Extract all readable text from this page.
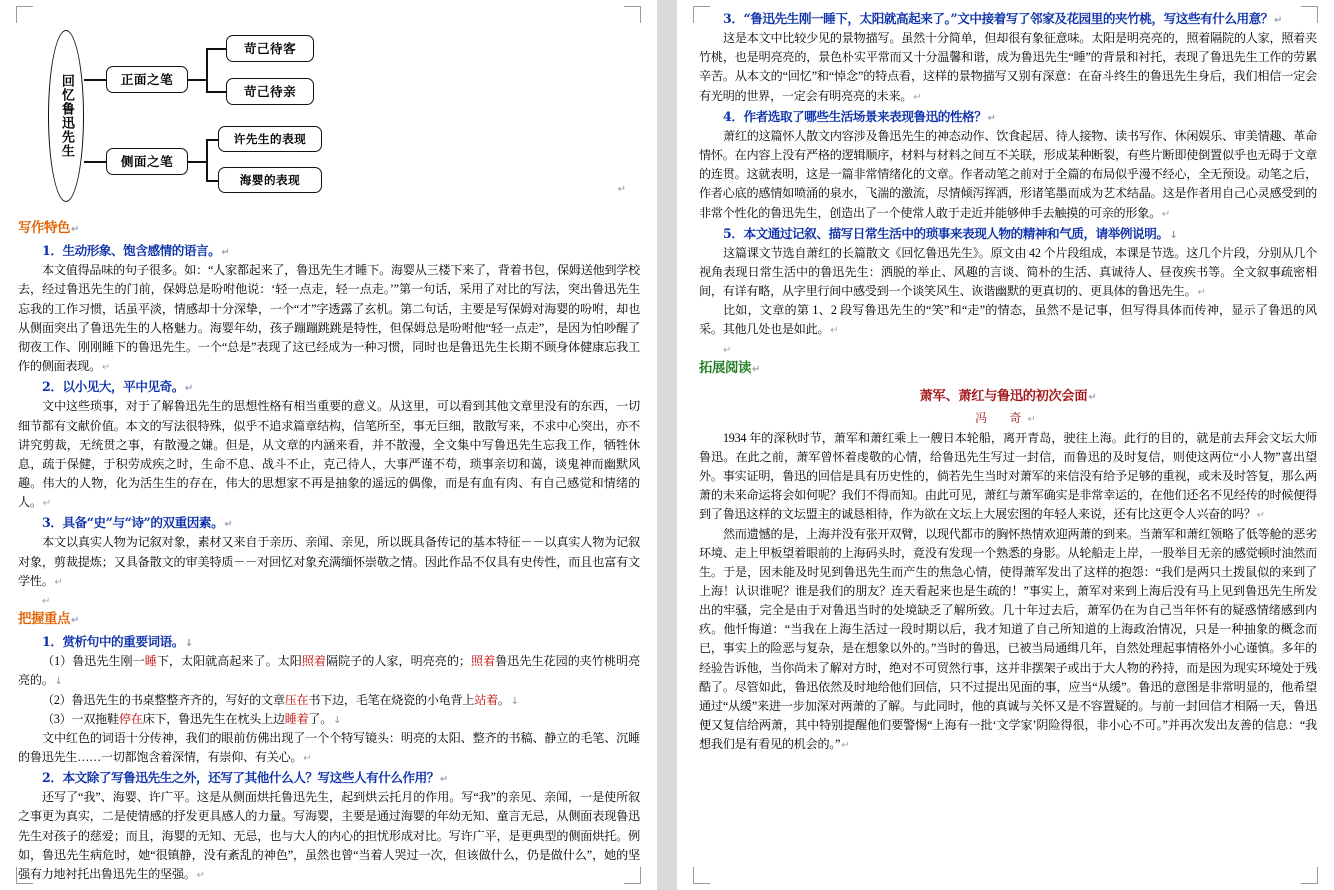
回忆鲁迅先生	正面之笔
侧面之笔
苛己待客
苛己待亲
许先生的表现
海婴的表现
↵
写作特色↵
1．生动形象、饱含感情的语言。↵

本文值得品味的句子很多。如：“人家都起来了，鲁迅先生才睡下。海婴从三楼下来了，背着书包，保姆送他到学校去，经过鲁迅先生的门前，保姆总是吩咐他说：‘轻一点走，轻一点走。’”第一句话，采用了对比的写法，突出鲁迅先生忘我的工作习惯，话虽平淡，情感却十分深挚，一个“才”字透露了玄机。第二句话，主要是写保姆对海婴的吩咐，却也从侧面突出了鲁迅先生的人格魅力。海婴年幼，孩子蹦蹦跳跳是特性，但保姆总是吩咐他“轻一点走”，是因为怕吵醒了彻夜工作、刚刚睡下的鲁迅先生。一个“总是”表现了这已经成为一种习惯，同时也是鲁迅先生长期不顾身体健康忘我工作的侧面表现。↵

2．以小见大，平中见奇。↵

文中这些琐事，对于了解鲁迅先生的思想性格有相当重要的意义。从这里，可以看到其他文章里没有的东西，一切细节都有文献价值。本文的写法很特殊，似乎不追求篇章结构，信笔所至，事无巨细，散散写来，不求中心突出，亦不讲究剪裁，无统贯之事，有散漫之嫌。但是，从文章的内涵来看，并不散漫，全文集中写鲁迅先生忘我工作，牺牲休息，疏于保健，于积劳成疾之时，生命不息、战斗不止，克己待人，大事严谨不苟，琐事亲切和蔼，谈鬼神而幽默风趣。伟大的人物，化为活生生的存在，伟大的思想家不再是抽象的遥远的偶像，而是有血有肉、有自己感觉和情绪的人。↵

3．具备“史”与“诗”的双重因素。↵

本文以真实人物为记叙对象，素材又来自于亲历、亲闻、亲见，所以既具备传记的基本特征－－以真实人物为记叙对象，剪裁提炼；又具备散文的审美特质－－对回忆对象充满缅怀崇敬之情。因此作品不仅具有史传性，而且也富有文学性。↵

↵
把握重点↵
1．赏析句中的重要词语。↓

（1）鲁迅先生刚一睡下，太阳就高起来了。太阳照着隔院子的人家，明亮亮的；照着鲁迅先生花园的夹竹桃明亮亮的。↓

（2）鲁迅先生的书桌整整齐齐的，写好的文章压在书下边，毛笔在烧瓷的小龟背上站着。↓

（3）一双拖鞋停在床下，鲁迅先生在枕头上边睡着了。↓

文中红色的词语十分传神，我们的眼前仿佛出现了一个个特写镜头：明亮的太阳、整齐的书稿、静立的毛笔、沉睡的鲁迅先生……一切都饱含着深情，有崇仰、有关心。↵

2．本文除了写鲁迅先生之外，还写了其他什么人？写这些人有什么作用？↵

还写了“我”、海婴、许广平。这是从侧面烘托鲁迅先生，起到烘云托月的作用。写“我”的亲见、亲闻，一是使所叙之事更为真实，二是使情感的抒发更具感人的力量。写海婴，主要是通过海婴的年幼无知、童言无忌，从侧面表现鲁迅先生对孩子的慈爱；而且，海婴的无知、无忌，也与大人的内心的担忧形成对比。写许广平，是更典型的侧面烘托。例如，鲁迅先生病危时，她“很镇静，没有紊乱的神色”，虽然也曾“当着人哭过一次，但该做什么，仍是做什么”，她的坚强有力地衬托出鲁迅先生的坚强。↵

3．“鲁迅先生刚一睡下，太阳就高起来了。”文中接着写了邻家及花园里的夹竹桃，写这些有什么用意？↵

这是本文中比较少见的景物描写。虽然十分简单，但却很有象征意味。太阳是明亮亮的，照着隔院的人家，照着夹竹桃，也是明亮亮的，景色朴实平常而又十分温馨和谐，成为鲁迅先生“睡”的背景和衬托，表现了鲁迅先生工作的劳累辛苦。从本文的“回忆”和“悼念”的特点看，这样的景物描写又别有深意：在奋斗终生的鲁迅先生身后，我们相信一定会有光明的世界，一定会有明亮亮的未来。↵

4．作者选取了哪些生活场景来表现鲁迅的性格？↵

萧红的这篇怀人散文内容涉及鲁迅先生的神态动作、饮食起居、待人接物、读书写作、休闲娱乐、审美情趣、革命情怀。在内容上没有严格的逻辑顺序，材料与材料之间互不关联，形成某种断裂，有些片断即使倒置似乎也无碍于文章的连贯。这就表明，这是一篇非常情绪化的文章。作者动笔之前对于全篇的布局似乎漫不经心，全无预设。动笔之后，作者心底的感情如喷涌的泉水，飞湍的激流，尽情倾泻挥洒，形诸笔墨而成为艺术结晶。这是作者用自己心灵感受到的非常个性化的鲁迅先生，创造出了一个使常人敢于走近并能够伸手去触摸的可亲的形象。↵

5．本文通过记叙、描写日常生活中的琐事来表现人物的精神和气质，请举例说明。↓

这篇课文节选自萧红的长篇散文《回忆鲁迅先生》。原文由 42 个片段组成，本课是节选。这几个片段，分别从几个视角表现日常生活中的鲁迅先生：洒脱的举止、风趣的言谈、简朴的生活、真诚待人、昼夜疾书等。全文叙事疏密相间，有详有略，从字里行间中感受到一个谈笑风生、诙谐幽默的更真切的、更具体的鲁迅先生。↵

比如，文章的第 1、2 段写鲁迅先生的“笑”和“走”的情态，虽然不是记事，但写得具体而传神，显示了鲁迅的风采。其他几处也是如此。↵

↵
拓展阅读↵
萧军、萧红与鲁迅的初次会面↵
冯　奇↵

1934 年的深秋时节，萧军和萧红乘上一艘日本轮船，离开青岛，驶往上海。此行的目的，就是前去拜会文坛大师鲁迅。在此之前，萧军曾怀着虔敬的心情，给鲁迅先生写过一封信，而鲁迅的及时复信，则使这两位“小人物”喜出望外。事实证明，鲁迅的回信是具有历史性的，倘若先生当时对萧军的来信没有给予足够的重视，或未及时答复，那么两萧的未来命运将会如何呢？我们不得而知。由此可见，萧红与萧军确实是非常幸运的，在他们还名不见经传的时候便得到了鲁迅这样的文坛盟主的诚恳相待，作为欲在文坛上大展宏图的年轻人来说，还有比这更令人兴奋的吗？↵

然而遗憾的是，上海并没有张开双臂，以现代都市的胸怀热情欢迎两萧的到来。当萧军和萧红领略了低等舱的恶劣环境、走上甲板望着眼前的上海码头时，竟没有发现一个熟悉的身影。从轮船走上岸，一股举目无亲的感觉顿时油然而生。于是，因未能及时见到鲁迅先生而产生的焦急心情，使得萧军发出了这样的抱怨：“我们是两只土拨鼠似的来到了上海！认识谁呢？谁是我们的朋友？连天看起来也是生疏的！”事实上，萧军对来到上海后没有马上见到鲁迅先生所发出的牢骚，完全是由于对鲁迅当时的处境缺乏了解所致。几十年过去后，萧军仍在为自己当年怀有的疑惑情绪感到内疚。他忏悔道：“当我在上海生活过一段时期以后，我才知道了自己所知道的上海政治情况，只是一种抽象的概念而已，事实上的险恶与复杂，是在想象以外的。”当时的鲁迅，已被当局通缉几年，自然处理起事情格外小心谨慎。多年的经验告诉他，当你尚未了解对方时，绝对不可贸然行事，这并非摆架子或出于大人物的矜持，而是因为现实环境处于残酷了。尽管如此，鲁迅依然及时地给他们回信，只不过提出见面的事，应当“从缓”。鲁迅的意图是非常明显的，他希望通过“从缓”来进一步加深对两萧的了解。与此同时，他的真诚与关怀又是不容置疑的。与前一封回信才相隔一天，鲁迅便又复信给两萧，其中特别提醒他们要警惕“上海有一批‘文学家’阴险得很，非小心不可。”并再次发出友善的信息：“我想我们是有看见的机会的。”↵
